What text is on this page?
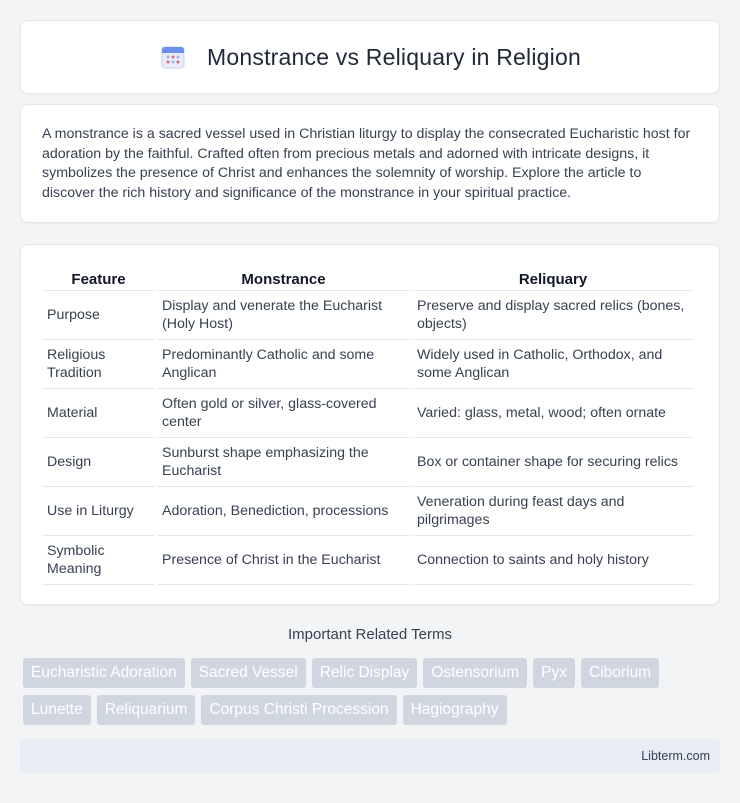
Monstrance vs Reliquary in Religion

A monstrance is a sacred vessel used in Christian liturgy to display the consecrated Eucharistic host for adoration by the faithful. Crafted often from precious metals and adorned with intricate designs, it symbolizes the presence of Christ and enhances the solemnity of worship. Explore the article to discover the rich history and significance of the monstrance in your spiritual practice.

Feature	Monstrance	Reliquary
Purpose	Display and venerate the Eucharist (Holy Host)	Preserve and display sacred relics (bones, objects)
Religious Tradition	Predominantly Catholic and some Anglican	Widely used in Catholic, Orthodox, and some Anglican
Material	Often gold or silver, glass-covered center	Varied: glass, metal, wood; often ornate
Design	Sunburst shape emphasizing the Eucharist	Box or container shape for securing relics
Use in Liturgy	Adoration, Benediction, processions	Veneration during feast days and pilgrimages
Symbolic Meaning	Presence of Christ in the Eucharist	Connection to saints and holy history
Important Related Terms
Eucharistic Adoration	Sacred Vessel	Relic Display	Ostensorium	Pyx	Ciborium
Lunette	Reliquarium	Corpus Christi Procession	Hagiography
Libterm.com
